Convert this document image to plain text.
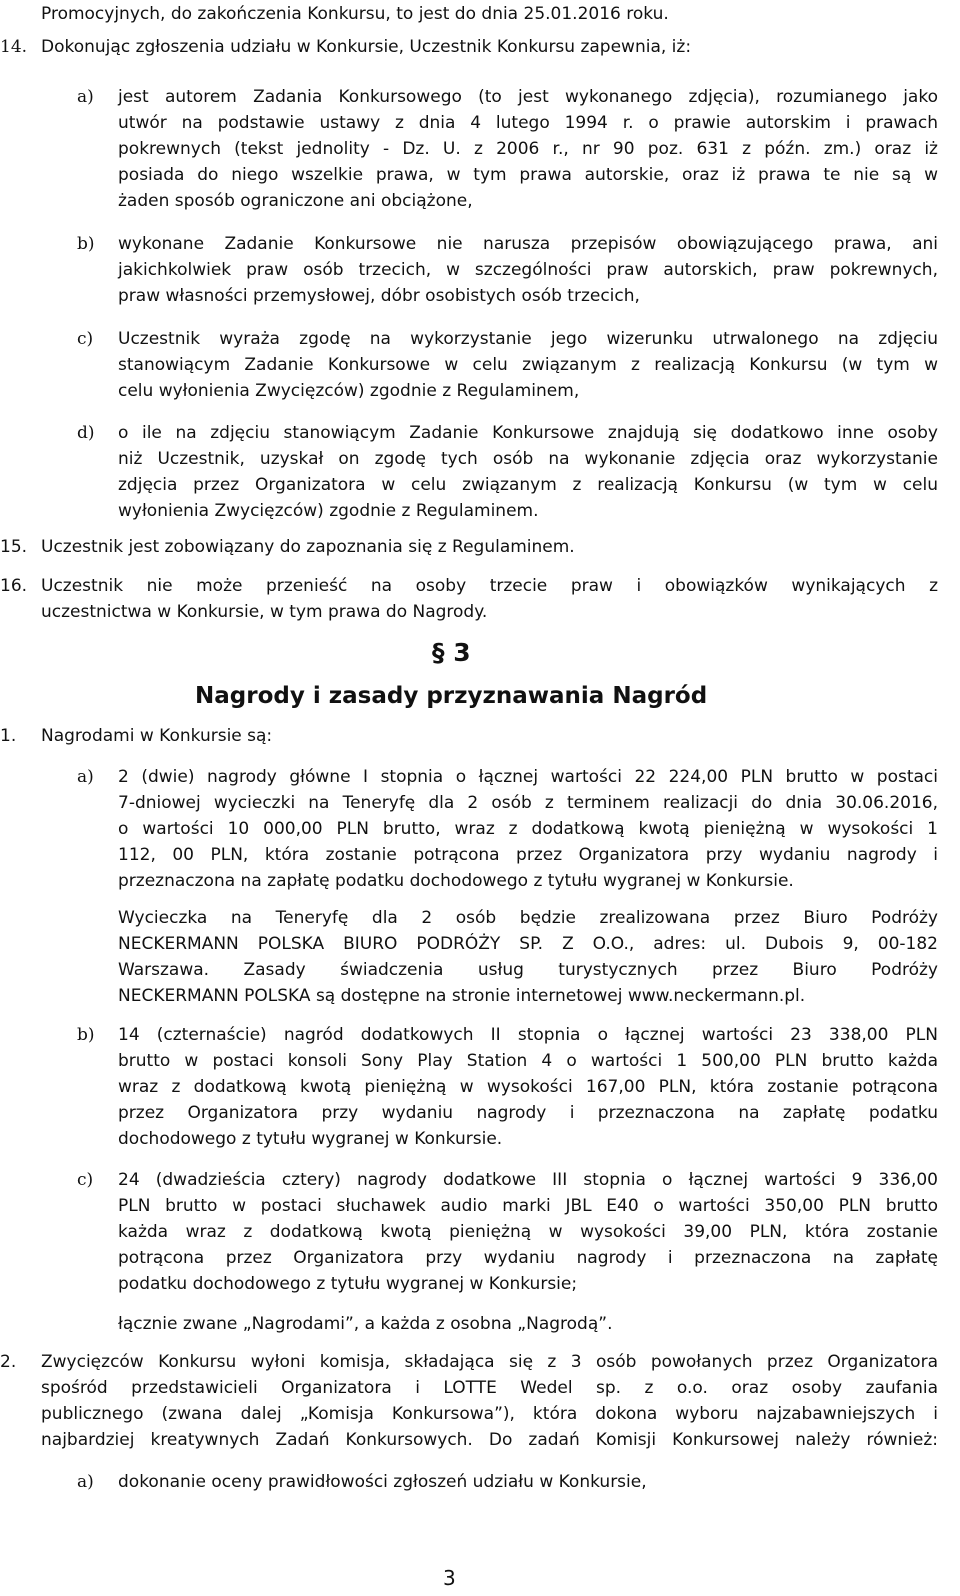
Promocyjnych, do zakończenia Konkursu, to jest do dnia 25.01.2016 roku.
14. Dokonując zgłoszenia udziału w Konkursie, Uczestnik Konkursu zapewnia, iż:
a) jest autorem Zadania Konkursowego (to jest wykonanego zdjęcia), rozumianego jako
utwór na podstawie ustawy z dnia 4 lutego 1994 r. o prawie autorskim i prawach
pokrewnych (tekst jednolity - Dz. U. z 2006 r., nr 90 poz. 631 z późn. zm.) oraz iż
posiada do niego wszelkie prawa, w tym prawa autorskie, oraz iż prawa te nie są w
żaden sposób ograniczone ani obciążone,
b) wykonane Zadanie Konkursowe nie narusza przepisów obowiązującego prawa, ani
jakichkolwiek praw osób trzecich, w szczególności praw autorskich, praw pokrewnych,
praw własności przemysłowej, dóbr osobistych osób trzecich,
c) Uczestnik wyraża zgodę na wykorzystanie jego wizerunku utrwalonego na zdjęciu
stanowiącym Zadanie Konkursowe w celu związanym z realizacją Konkursu (w tym w
celu wyłonienia Zwycięzców) zgodnie z Regulaminem,
d) o ile na zdjęciu stanowiącym Zadanie Konkursowe znajdują się dodatkowo inne osoby
niż Uczestnik, uzyskał on zgodę tych osób na wykonanie zdjęcia oraz wykorzystanie
zdjęcia przez Organizatora w celu związanym z realizacją Konkursu (w tym w celu
wyłonienia Zwycięzców) zgodnie z Regulaminem.
15. Uczestnik jest zobowiązany do zapoznania się z Regulaminem.
16. Uczestnik nie może przenieść na osoby trzecie praw i obowiązków wynikających z
uczestnictwa w Konkursie, w tym prawa do Nagrody.
§ 3
Nagrody i zasady przyznawania Nagród
1. Nagrodami w Konkursie są:
a) 2 (dwie) nagrody główne I stopnia o łącznej wartości 22 224,00 PLN brutto w postaci
7-dniowej wycieczki na Teneryfę dla 2 osób z terminem realizacji do dnia 30.06.2016,
o wartości 10 000,00 PLN brutto, wraz z dodatkową kwotą pieniężną w wysokości 1
112, 00 PLN, która zostanie potrącona przez Organizatora przy wydaniu nagrody i
przeznaczona na zapłatę podatku dochodowego z tytułu wygranej w Konkursie.
Wycieczka na Teneryfę dla 2 osób będzie zrealizowana przez Biuro Podróży
NECKERMANN POLSKA BIURO PODRÓŻY SP. Z O.O., adres: ul. Dubois 9, 00-182
Warszawa. Zasady świadczenia usług turystycznych przez Biuro Podróży
NECKERMANN POLSKA są dostępne na stronie internetowej www.neckermann.pl.
b) 14 (czternaście) nagród dodatkowych II stopnia o łącznej wartości 23 338,00 PLN
brutto w postaci konsoli Sony Play Station 4 o wartości 1 500,00 PLN brutto każda
wraz z dodatkową kwotą pieniężną w wysokości 167,00 PLN, która zostanie potrącona
przez Organizatora przy wydaniu nagrody i przeznaczona na zapłatę podatku
dochodowego z tytułu wygranej w Konkursie.
c) 24 (dwadzieścia cztery) nagrody dodatkowe III stopnia o łącznej wartości 9 336,00
PLN brutto w postaci słuchawek audio marki JBL E40 o wartości 350,00 PLN brutto
każda wraz z dodatkową kwotą pieniężną w wysokości 39,00 PLN, która zostanie
potrącona przez Organizatora przy wydaniu nagrody i przeznaczona na zapłatę
podatku dochodowego z tytułu wygranej w Konkursie;
łącznie zwane „Nagrodami”, a każda z osobna „Nagrodą”.
2. Zwycięzców Konkursu wyłoni komisja, składająca się z 3 osób powołanych przez Organizatora
spośród przedstawicieli Organizatora i LOTTE Wedel sp. z o.o. oraz osoby zaufania
publicznego (zwana dalej „Komisja Konkursowa”), która dokona wyboru najzabawniejszych i
najbardziej kreatywnych Zadań Konkursowych. Do zadań Komisji Konkursowej należy również:
a) dokonanie oceny prawidłowości zgłoszeń udziału w Konkursie,
3
